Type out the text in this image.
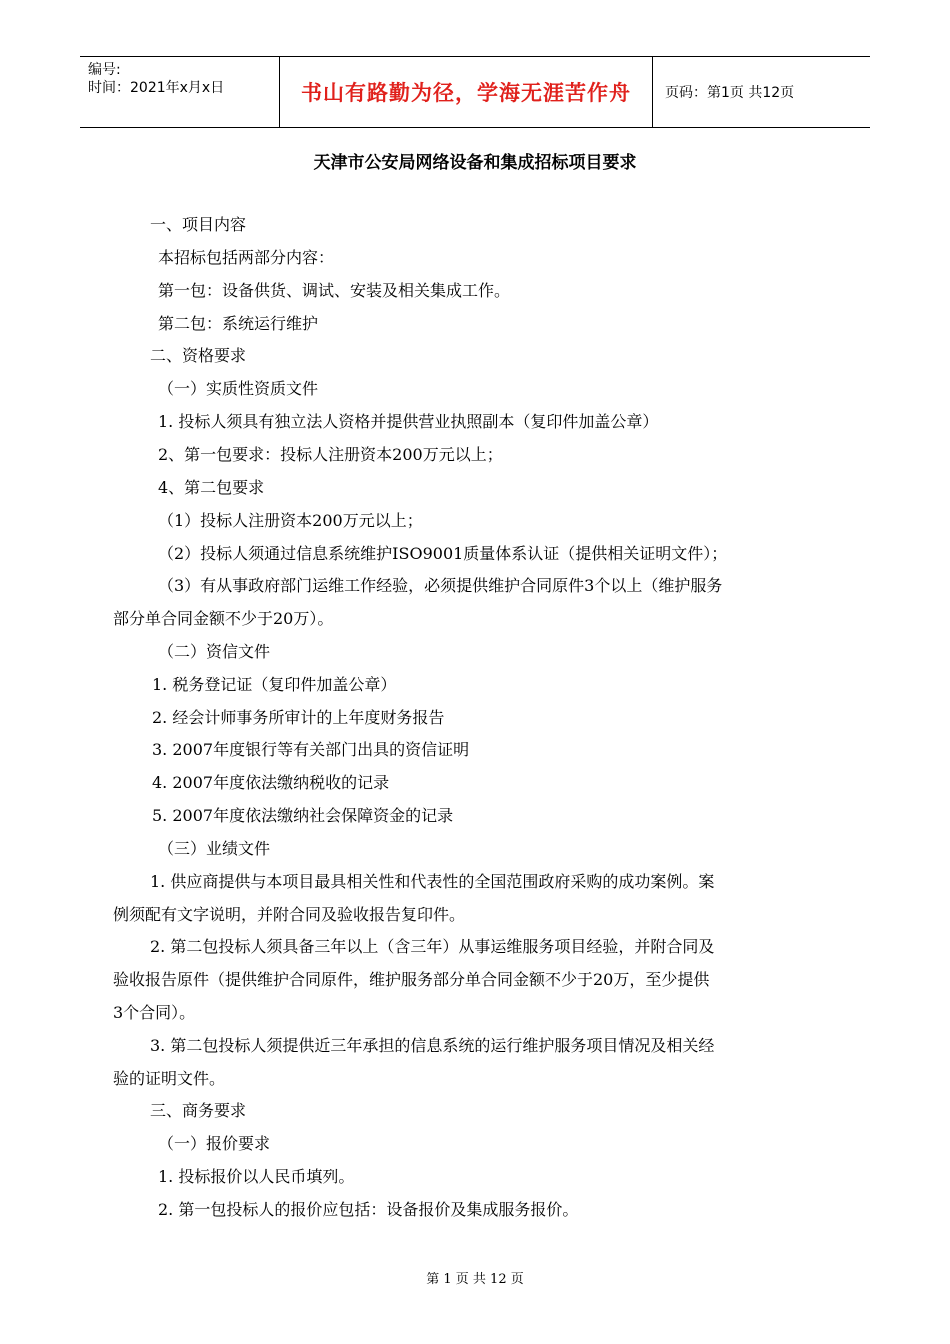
编号:
时间：2021年x月x日	书山有路勤为径，学海无涯苦作舟	页码：第1页 共12页
天津市公安局网络设备和集成招标项目要求
一、项目内容
本招标包括两部分内容：
第一包：设备供货、调试、安装及相关集成工作。
第二包：系统运行维护
二、资格要求
（一）实质性资质文件
1. 投标人须具有独立法人资格并提供营业执照副本（复印件加盖公章）
2、第一包要求：投标人注册资本200万元以上；
4、第二包要求
（1）投标人注册资本200万元以上；
（2）投标人须通过信息系统维护ISO9001质量体系认证（提供相关证明文件）；
（3）有从事政府部门运维工作经验，必须提供维护合同原件3个以上（维护服务
部分单合同金额不少于20万）。
（二）资信文件
1. 税务登记证（复印件加盖公章）
2. 经会计师事务所审计的上年度财务报告
3. 2007年度银行等有关部门出具的资信证明
4. 2007年度依法缴纳税收的记录
5. 2007年度依法缴纳社会保障资金的记录
（三）业绩文件
1. 供应商提供与本项目最具相关性和代表性的全国范围政府采购的成功案例。案
例须配有文字说明，并附合同及验收报告复印件。
2. 第二包投标人须具备三年以上（含三年）从事运维服务项目经验，并附合同及
验收报告原件（提供维护合同原件，维护服务部分单合同金额不少于20万，至少提供
3个合同）。
3. 第二包投标人须提供近三年承担的信息系统的运行维护服务项目情况及相关经
验的证明文件。
三、商务要求
（一）报价要求
1. 投标报价以人民币填列。
2. 第一包投标人的报价应包括：设备报价及集成服务报价。
第 1 页 共 12 页
